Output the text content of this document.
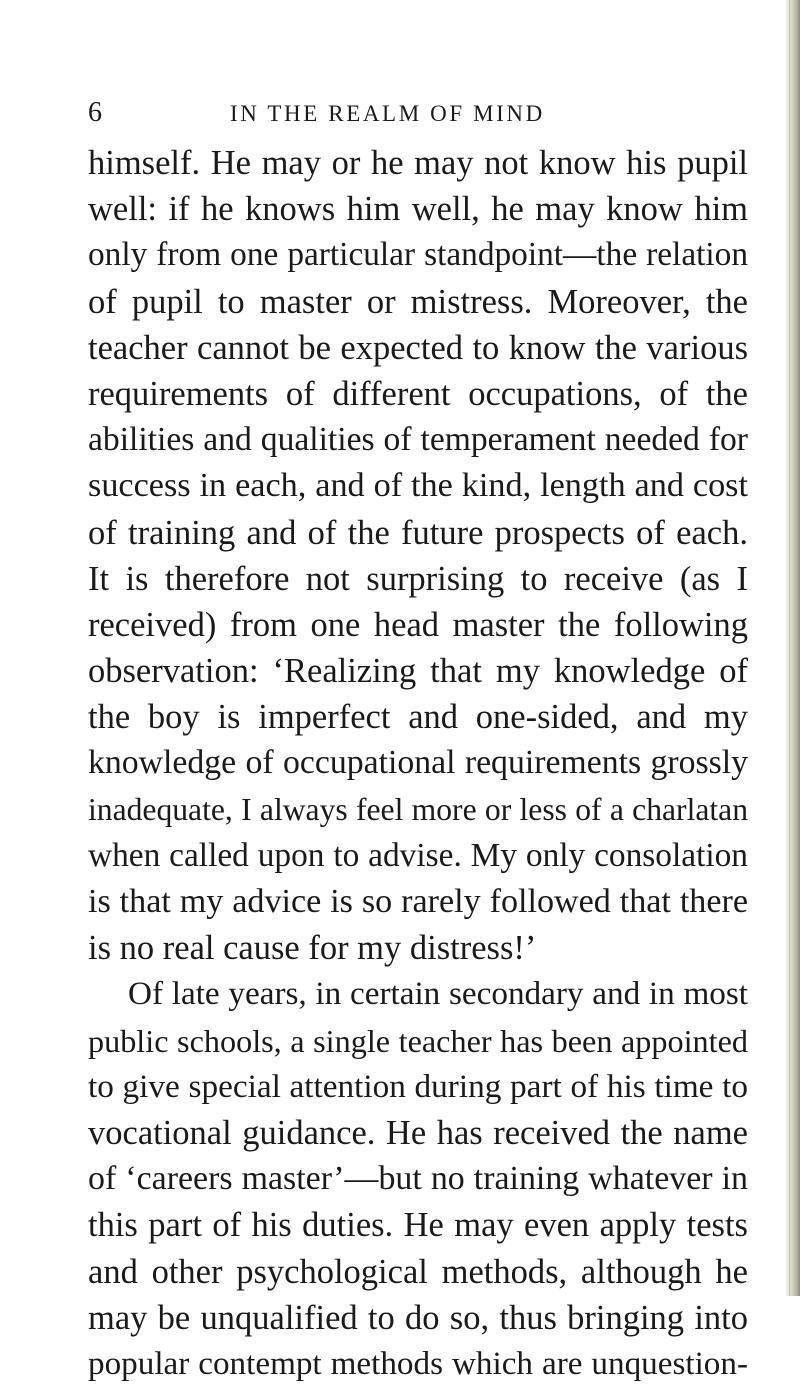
6	IN THE REALM OF MIND
himself. He may or he may not know his pupil
well: if he knows him well, he may know him
only from one particular standpoint—the relation
of pupil to master or mistress. Moreover, the
teacher cannot be expected to know the various
requirements of different occupations, of the
abilities and qualities of temperament needed for
success in each, and of the kind, length and cost
of training and of the future prospects of each.
It is therefore not surprising to receive (as I
received) from one head master the following
observation: ‘Realizing that my knowledge of
the boy is imperfect and one-sided, and my
knowledge of occupational requirements grossly
inadequate, I always feel more or less of a charlatan
when called upon to advise. My only consolation
is that my advice is so rarely followed that there
is no real cause for my distress!’
Of late years, in certain secondary and in most
public schools, a single teacher has been appointed
to give special attention during part of his time to
vocational guidance. He has received the name
of ‘careers master’—but no training whatever in
this part of his duties. He may even apply tests
and other psychological methods, although he
may be unqualified to do so, thus bringing into
popular contempt methods which are unquestion-
